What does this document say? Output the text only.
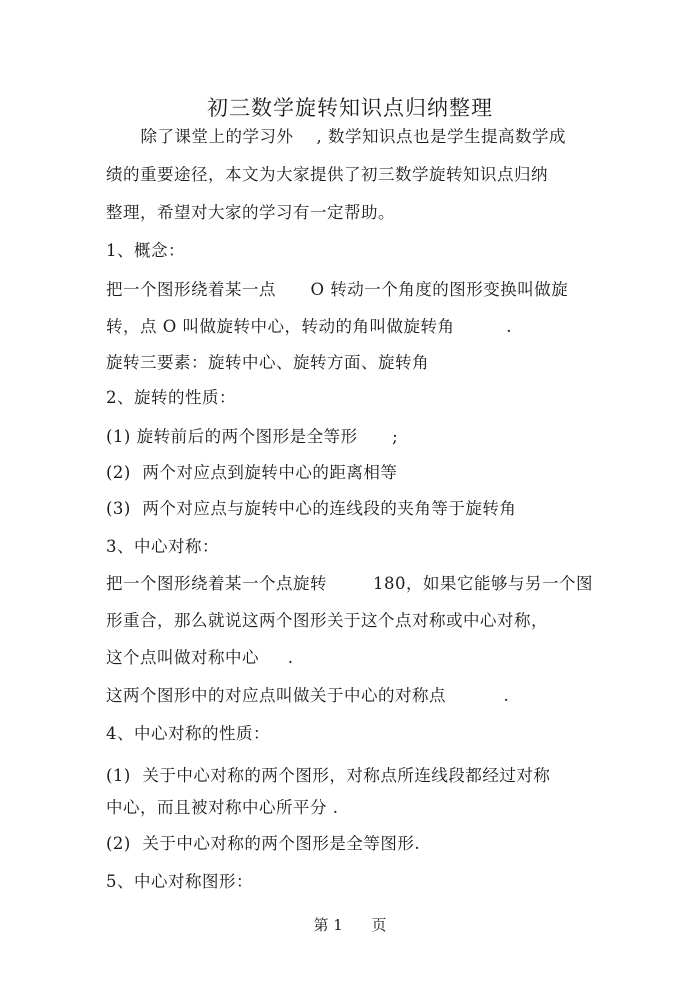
初三数学旋转知识点归纳整理

除了课堂上的学习外    , 数学知识点也是学生提高数学成

绩的重要途径，本文为大家提供了初三数学旋转知识点归纳

整理，希望对大家的学习有一定帮助。

1、概念：

把一个图形绕着某一点      O 转动一个角度的图形变换叫做旋

转，点 O 叫做旋转中心，转动的角叫做旋转角         .

旋转三要素：旋转中心、旋转方面、旋转角

2、旋转的性质：

(1) 旋转前后的两个图形是全等形      ;

(2)  两个对应点到旋转中心的距离相等

(3)  两个对应点与旋转中心的连线段的夹角等于旋转角

3、中心对称：

把一个图形绕着某一个点旋转        180，如果它能够与另一个图

形重合，那么就说这两个图形关于这个点对称或中心对称，

这个点叫做对称中心     .

这两个图形中的对应点叫做关于中心的对称点          .

4、中心对称的性质：

(1)  关于中心对称的两个图形，对称点所连线段都经过对称

中心，而且被对称中心所平分 .

(2)  关于中心对称的两个图形是全等图形.

5、中心对称图形：

第 1      页
